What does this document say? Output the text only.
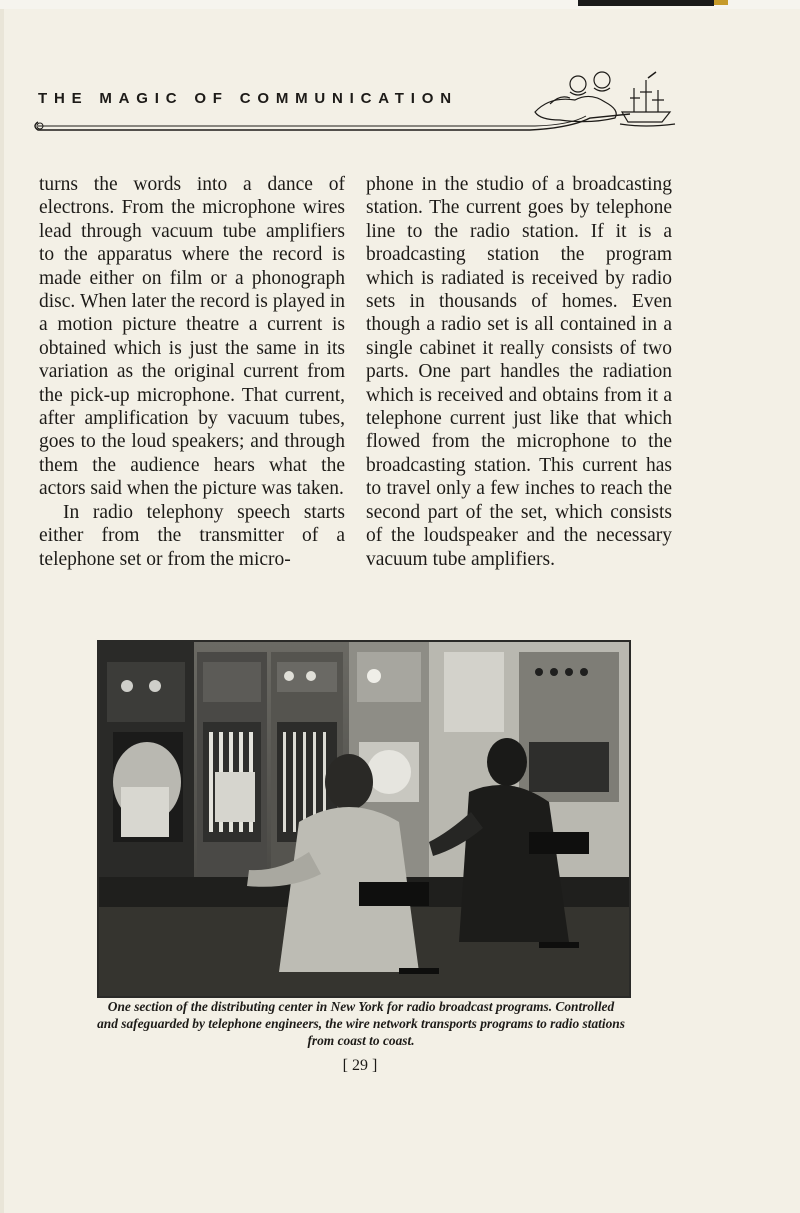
THE MAGIC OF COMMUNICATION

turns the words into a dance of electrons. From the microphone wires lead through vacuum tube amplifiers to the apparatus where the record is made either on film or a phonograph disc. When later the record is played in a motion picture theatre a current is obtained which is just the same in its variation as the original current from the pick-up microphone. That current, after amplification by vacuum tubes, goes to the loud speakers; and through them the audience hears what the actors said when the picture was taken.

In radio telephony speech starts either from the transmitter of a telephone set or from the micro-

phone in the studio of a broadcasting station. The current goes by telephone line to the radio station. If it is a broadcasting station the program which is radiated is received by radio sets in thousands of homes. Even though a radio set is all contained in a single cabinet it really consists of two parts. One part handles the radiation which is received and obtains from it a telephone current just like that which flowed from the microphone to the broadcasting station. This current has to travel only a few inches to reach the second part of the set, which consists of the loudspeaker and the necessary vacuum tube amplifiers.

One section of the distributing center in New York for radio broadcast programs. Controlled and safeguarded by telephone engineers, the wire network transports programs to radio stations from coast to coast.
[ 29 ]
